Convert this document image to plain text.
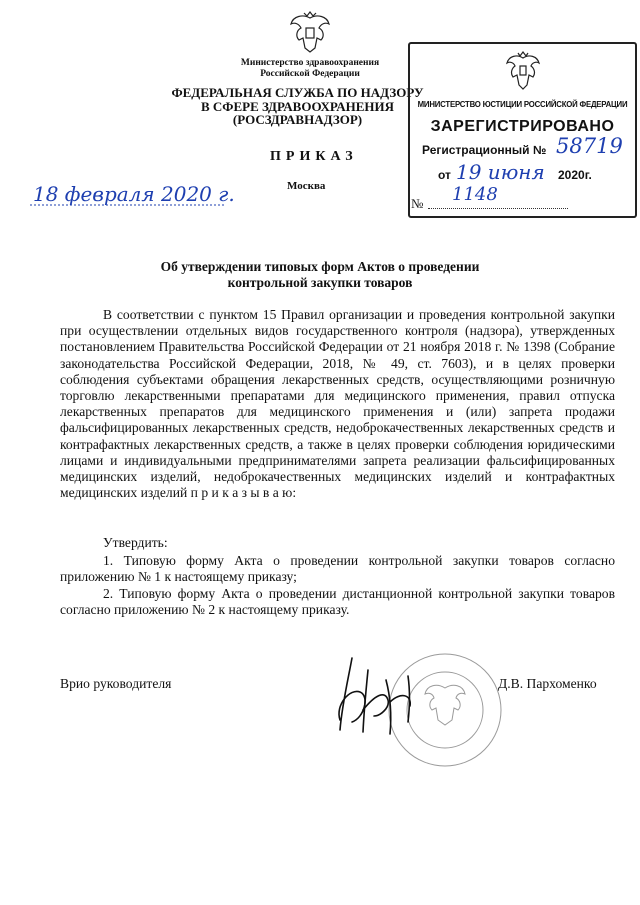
Министерство здравоохранения
Российской Федерации
ФЕДЕРАЛЬНАЯ СЛУЖБА ПО НАДЗОРУ
В СФЕРЕ ЗДРАВООХРАНЕНИЯ
(РОСЗДРАВНАДЗОР)
ПРИКАЗ
Москва
18 февраля 2020 г.	№ 1148
МИНИСТЕРСТВО ЮСТИЦИИ РОССИЙСКОЙ ФЕДЕРАЦИИ
ЗАРЕГИСТРИРОВАНО
Регистрационный № 58719
от 19 июня 2020г.
Об утверждении типовых форм Актов о проведении
контрольной закупки товаров
В соответствии с пунктом 15 Правил организации и проведения контрольной закупки при осуществлении отдельных видов государственного контроля (надзора), утвержденных постановлением Правительства Российской Федерации от 21 ноября 2018 г. № 1398 (Собрание законодательства Российской Федерации, 2018, № 49, ст. 7603), и в целях проверки соблюдения субъектами обращения лекарственных средств, осуществляющими розничную торговлю лекарственными препаратами для медицинского применения, правил отпуска лекарственных препаратов для медицинского применения и (или) запрета продажи фальсифицированных лекарственных средств, недоброкачественных лекарственных средств и контрафактных лекарственных средств, а также в целях проверки соблюдения юридическими лицами и индивидуальными предпринимателями запрета реализации фальсифицированных медицинских изделий, недоброкачественных медицинских изделий и контрафактных медицинских изделий п р и к а з ы в а ю:
Утвердить:
1. Типовую форму Акта о проведении контрольной закупки товаров согласно приложению № 1 к настоящему приказу;
2. Типовую форму Акта о проведении дистанционной контрольной закупки товаров согласно приложению № 2 к настоящему приказу.
Врио руководителя	Д.В. Пархоменко
